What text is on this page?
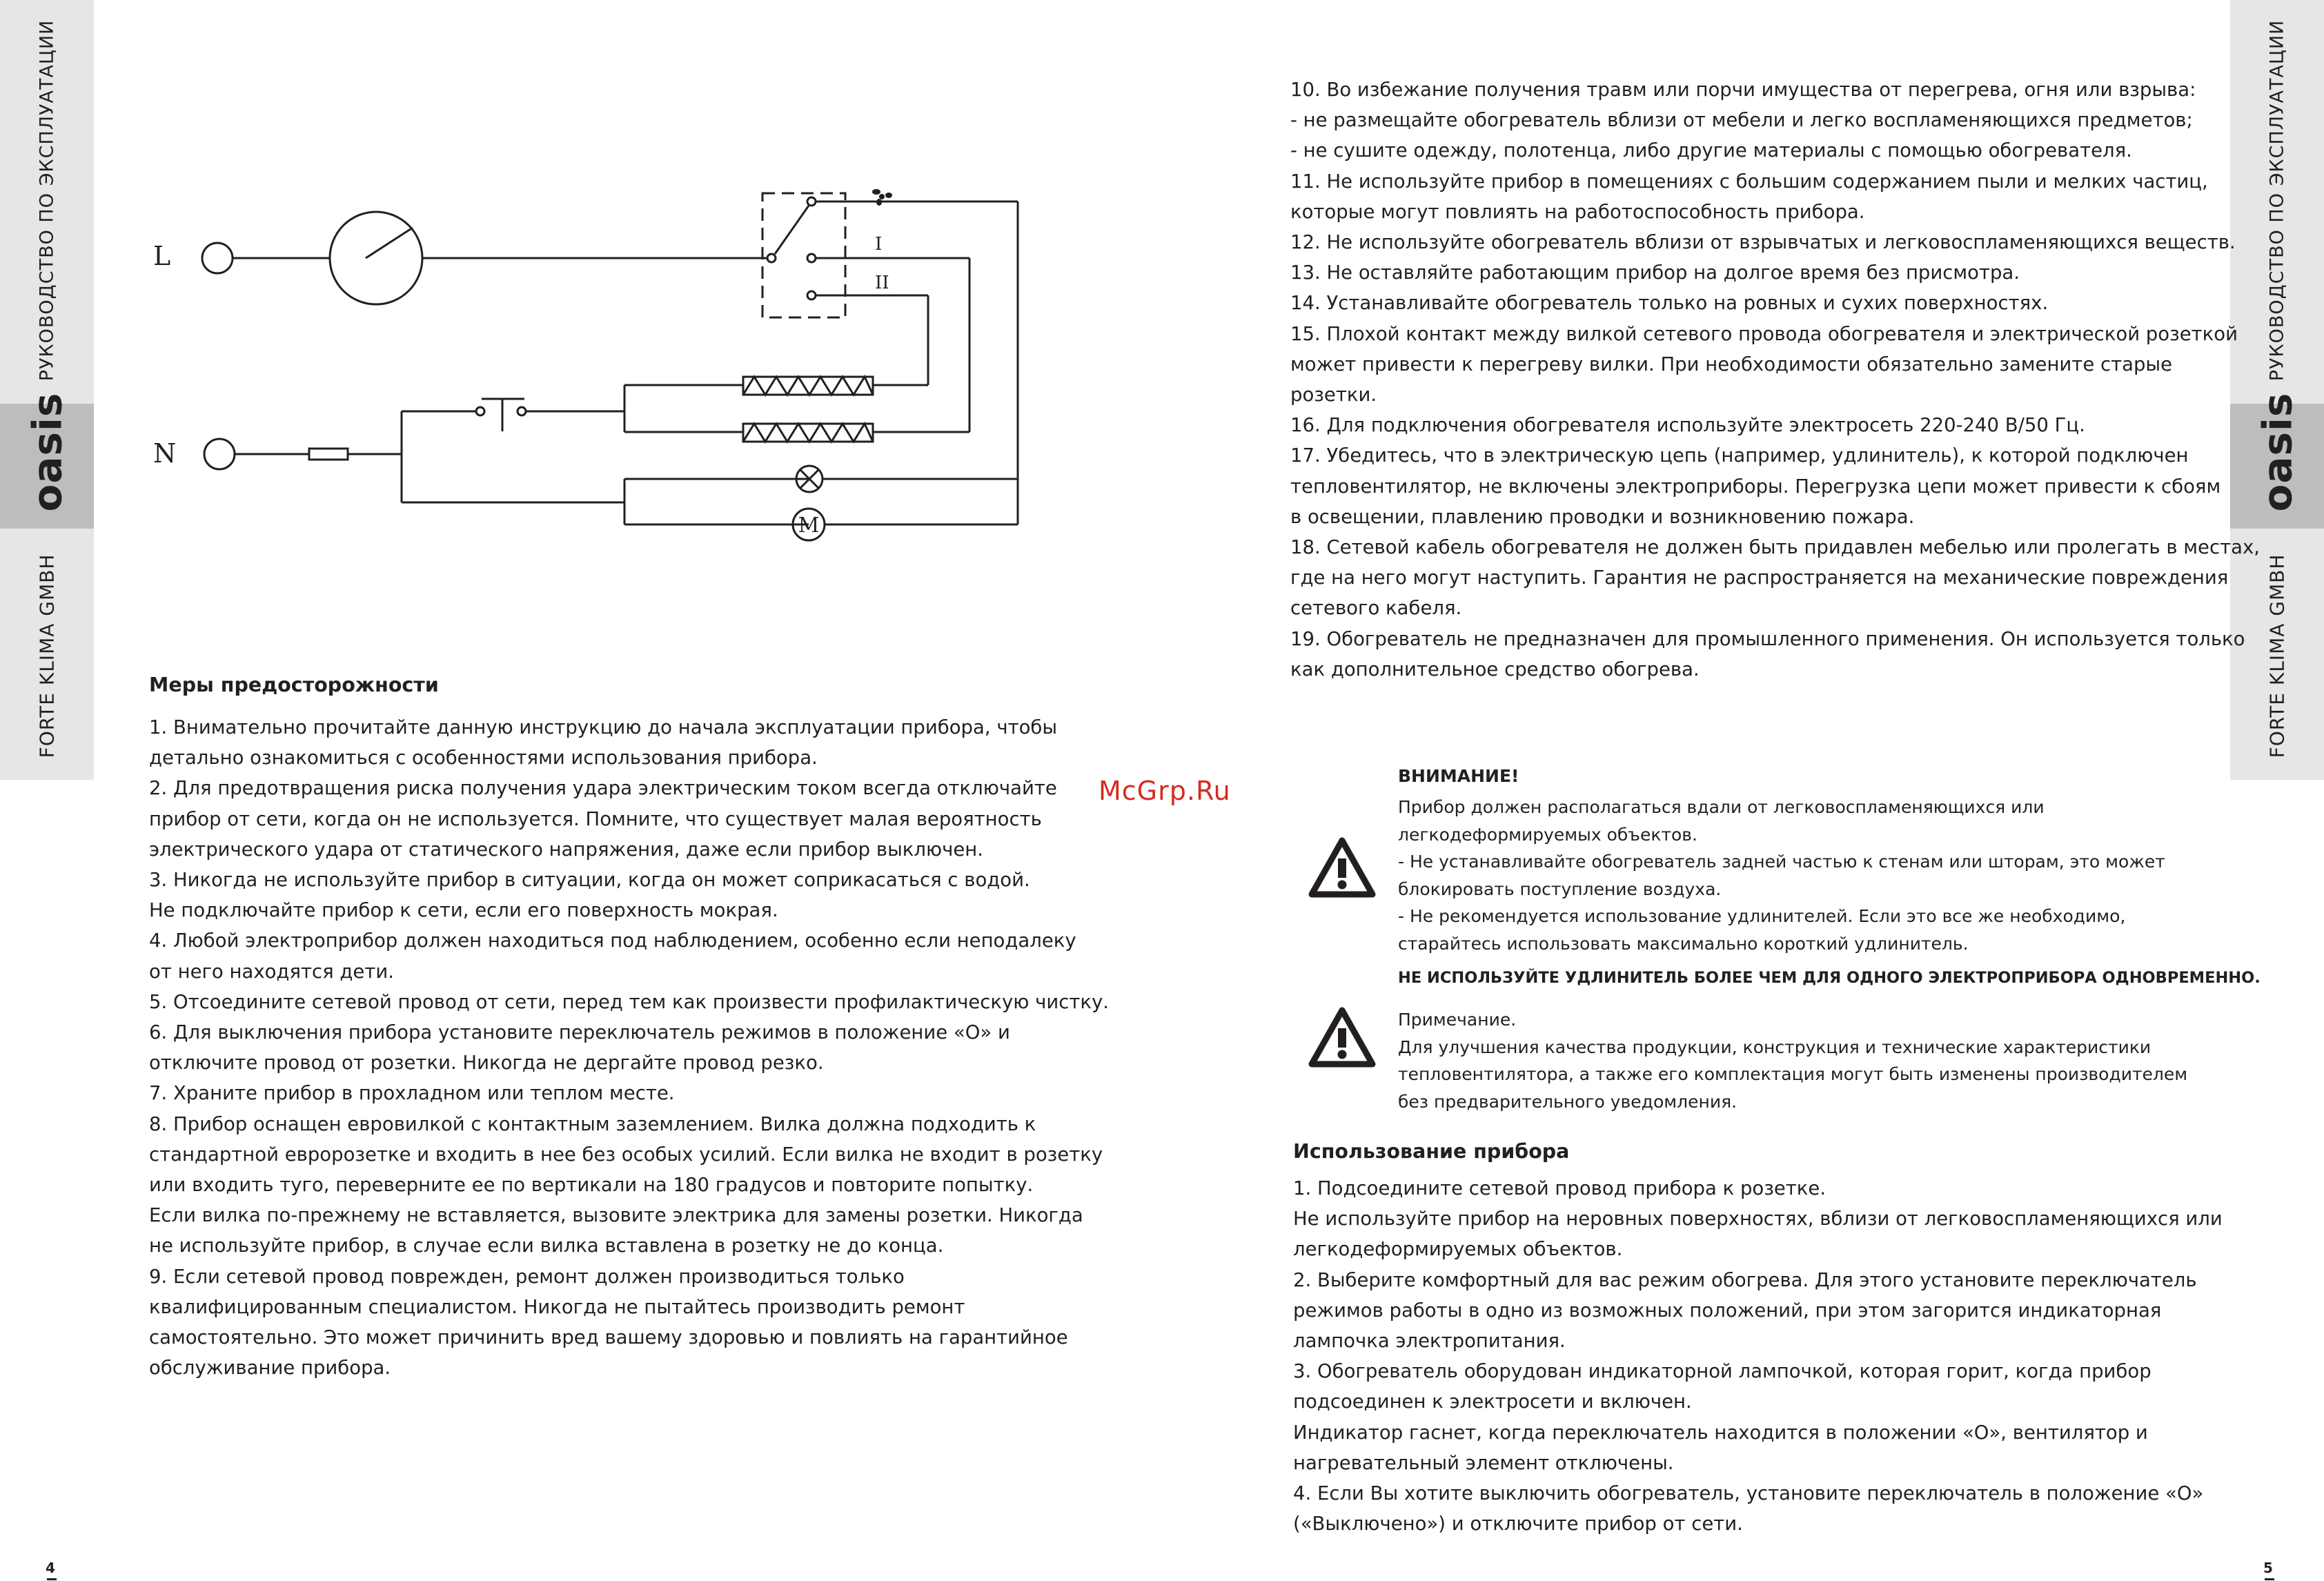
РУКОВОДСТВО ПО ЭКСПЛУАТАЦИИ
oasis
FORTE KLIMA GMBH
РУКОВОДСТВО ПО ЭКСПЛУАТАЦИИ
oasis
FORTE KLIMA GMBH
4	5
L
N
I
II
M
McGrp.Ru
Меры предосторожности

1. Внимательно прочитайте данную инструкцию до начала эксплуатации прибора, чтобы

детально ознакомиться с особенностями использования прибора.

2. Для предотвращения риска получения удара электрическим током всегда отключайте

прибор от сети, когда он не используется. Помните, что существует малая вероятность

электрического удара от статического напряжения, даже если прибор выключен.

3. Никогда не используйте прибор в ситуации, когда он может соприкасаться с водой.

Не подключайте прибор к сети, если его поверхность мокрая.

4. Любой электроприбор должен находиться под наблюдением, особенно если неподалеку

от него находятся дети.

5. Отсоедините сетевой провод от сети, перед тем как произвести профилактическую чистку.

6. Для выключения прибора установите переключатель режимов в положение «О» и

отключите провод от розетки. Никогда не дергайте провод резко.

7. Храните прибор в прохладном или теплом месте.

8. Прибор оснащен евровилкой с контактным заземлением. Вилка должна подходить к

стандартной евророзетке и входить в нее без особых усилий. Если вилка не входит в розетку

или входить туго, переверните ее по вертикали на 180 градусов и повторите попытку.

Если вилка по-прежнему не вставляется, вызовите электрика для замены розетки. Никогда

не используйте прибор, в случае если вилка вставлена в розетку не до конца.

9. Если сетевой провод поврежден, ремонт должен производиться только

квалифицированным специалистом. Никогда не пытайтесь производить ремонт

самостоятельно. Это может причинить вред вашему здоровью и повлиять на гарантийное

обслуживание прибора.

10. Во избежание получения травм или порчи имущества от перегрева, огня или взрыва:

- не размещайте обогреватель вблизи от мебели и легко воспламеняющихся предметов;

- не сушите одежду, полотенца, либо другие материалы с помощью обогревателя.

11. Не используйте прибор в помещениях с большим содержанием пыли и мелких частиц,

которые могут повлиять на работоспособность прибора.

12. Не используйте обогреватель вблизи от взрывчатых и легковоспламеняющихся веществ.

13. Не оставляйте работающим прибор на долгое время без присмотра.

14. Устанавливайте обогреватель только на ровных и сухих поверхностях.

15. Плохой контакт между вилкой сетевого провода обогревателя и электрической розеткой

может привести к перегреву вилки. При необходимости обязательно замените старые

розетки.

16. Для подключения обогревателя используйте электросеть 220-240 В/50 Гц.

17. Убедитесь, что в электрическую цепь (например, удлинитель), к которой подключен

тепловентилятор, не включены электроприборы. Перегрузка цепи может привести к сбоям

в освещении, плавлению проводки и возникновению пожара.

18. Сетевой кабель обогревателя не должен быть придавлен мебелью или пролегать в местах,

где на него могут наступить. Гарантия не распространяется на механические повреждения

сетевого кабеля.

19. Обогреватель не предназначен для промышленного применения. Он используется только

как дополнительное средство обогрева.

ВНИМАНИЕ!

Прибор должен располагаться вдали от легковоспламеняющихся или

легкодеформируемых объектов.

- Не устанавливайте обогреватель задней частью к стенам или шторам, это может

блокировать поступление воздуха.

- Не рекомендуется использование удлинителей. Если это все же необходимо,

старайтесь использовать максимально короткий удлинитель.

НЕ ИСПОЛЬЗУЙТЕ УДЛИНИТЕЛЬ БОЛЕЕ ЧЕМ ДЛЯ ОДНОГО ЭЛЕКТРОПРИБОРА ОДНОВРЕМЕННО.

Примечание.

Для улучшения качества продукции, конструкция и технические характеристики

тепловентилятора, а также его комплектация могут быть изменены производителем

без предварительного уведомления.

Использование прибора

1. Подсоедините сетевой провод прибора к розетке.

Не используйте прибор на неровных поверхностях, вблизи от легковоспламеняющихся или

легкодеформируемых объектов.

2. Выберите комфортный для вас режим обогрева. Для этого установите переключатель

режимов работы в одно из возможных положений, при этом загорится индикаторная

лампочка электропитания.

3. Обогреватель оборудован индикаторной лампочкой, которая горит, когда прибор

подсоединен к электросети и включен.

Индикатор гаснет, когда переключатель находится в положении «О», вентилятор и

нагревательный элемент отключены.

4. Если Вы хотите выключить обогреватель, установите переключатель в положение «О»

(«Выключено») и отключите прибор от сети.
